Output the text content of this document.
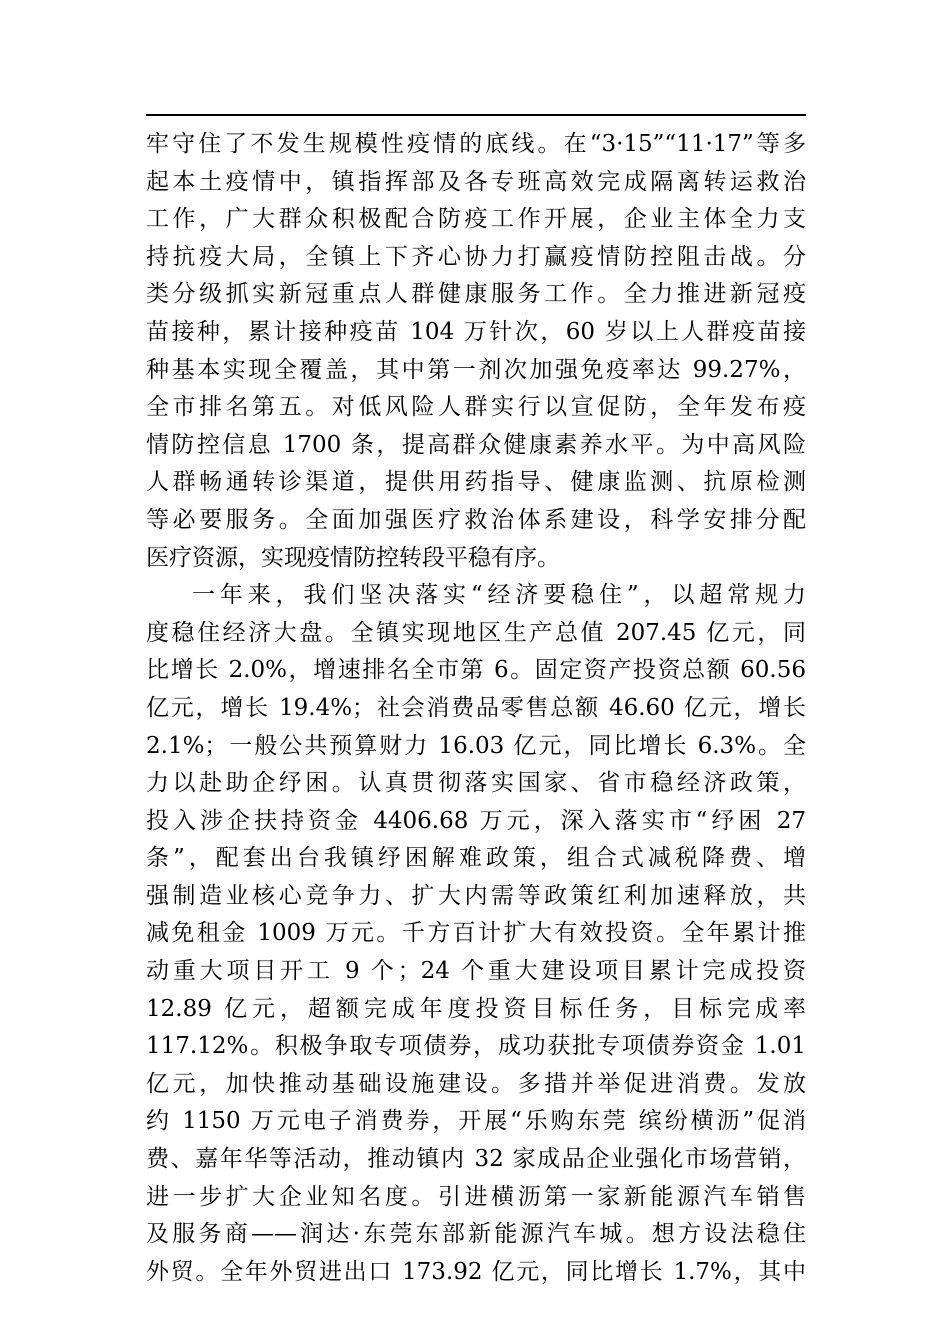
牢守住了不发生规模性疫情的底线。在“3·15”“11·17”等多
起本土疫情中，镇指挥部及各专班高效完成隔离转运救治
工作，广大群众积极配合防疫工作开展，企业主体全力支
持抗疫大局，全镇上下齐心协力打赢疫情防控阻击战。分
类分级抓实新冠重点人群健康服务工作。全力推进新冠疫
苗接种，累计接种疫苗 104 万针次，60 岁以上人群疫苗接
种基本实现全覆盖，其中第一剂次加强免疫率达 99.27%，
全市排名第五。对低风险人群实行以宣促防，全年发布疫
情防控信息 1700 条，提高群众健康素养水平。为中高风险
人群畅通转诊渠道，提供用药指导、健康监测、抗原检测
等必要服务。全面加强医疗救治体系建设，科学安排分配
医疗资源，实现疫情防控转段平稳有序。
一年来，我们坚决落实“经济要稳住”，以超常规力
度稳住经济大盘。全镇实现地区生产总值 207.45 亿元，同
比增长 2.0%，增速排名全市第 6。固定资产投资总额 60.56
亿元，增长 19.4%；社会消费品零售总额 46.60 亿元，增长
2.1%；一般公共预算财力 16.03 亿元，同比增长 6.3%。全
力以赴助企纾困。认真贯彻落实国家、省市稳经济政策，
投入涉企扶持资金 4406.68 万元，深入落实市“纾困 27
条”，配套出台我镇纾困解难政策，组合式减税降费、增
强制造业核心竞争力、扩大内需等政策红利加速释放，共
减免租金 1009 万元。千方百计扩大有效投资。全年累计推
动重大项目开工 9 个；24 个重大建设项目累计完成投资
12.89 亿元，超额完成年度投资目标任务，目标完成率
117.12%。积极争取专项债券，成功获批专项债券资金 1.01
亿元，加快推动基础设施建设。多措并举促进消费。发放
约 1150 万元电子消费券，开展“乐购东莞 缤纷横沥”促消
费、嘉年华等活动，推动镇内 32 家成品企业强化市场营销，
进一步扩大企业知名度。引进横沥第一家新能源汽车销售
及服务商——润达·东莞东部新能源汽车城。想方设法稳住
外贸。全年外贸进出口 173.92 亿元，同比增长 1.7%，其中
